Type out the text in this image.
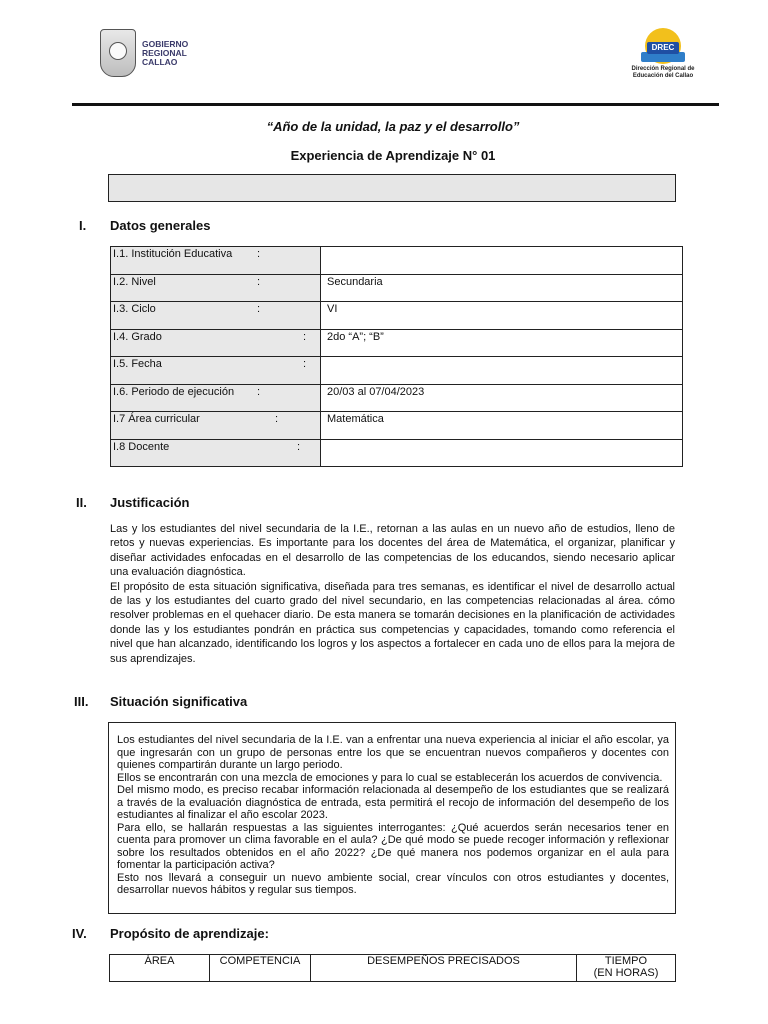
GOBIERNO
REGIONAL
CALLAO
DREC
Dirección Regional de
Educación del Callao
“Año de la unidad, la paz y el desarrollo”
Experiencia de Aprendizaje N° 01
I. Datos generales
I.1. Institución Educativa :	

I.2. Nivel :	Secundaria

I.3. Ciclo :	VI

I.4. Grado :	2do “A”; “B”

I.5. Fecha :	

I.6. Periodo de ejecución :	20/03 al 07/04/2023

I.7 Área curricular :	Matemática

I.8 Docente :	

II. Justificación

Las y los estudiantes del nivel secundaria de la I.E., retornan a las aulas en un nuevo año de estudios, lleno de retos y nuevas experiencias. Es importante para los docentes del área de Matemática, el organizar, planificar y diseñar actividades enfocadas en el desarrollo de las competencias de los educandos, siendo necesario aplicar una evaluación diagnóstica.

El propósito de esta situación significativa, diseñada para tres semanas, es identificar el nivel de desarrollo actual de las y los estudiantes del cuarto grado del nivel secundario, en las competencias relacionadas al área. cómo resolver problemas en el quehacer diario. De esta manera se tomarán decisiones en la planificación de actividades donde las y los estudiantes pondrán en práctica sus competencias y capacidades, tomando como referencia el nivel que han alcanzado, identificando los logros y los aspectos a fortalecer en cada uno de ellos para la mejora de sus aprendizajes.

III. Situación significativa

Los estudiantes del nivel secundaria de la I.E. van a enfrentar una nueva experiencia al iniciar el año escolar, ya que ingresarán con un grupo de personas entre los que se encuentran nuevos compañeros y docentes con quienes compartirán durante un largo periodo.

Ellos se encontrarán con una mezcla de emociones y para lo cual se establecerán los acuerdos de convivencia.

Del mismo modo, es preciso recabar información relacionada al desempeño de los estudiantes que se realizará a través de la evaluación diagnóstica de entrada, esta permitirá el recojo de información del desempeño de los estudiantes al finalizar el año escolar 2023.

Para ello, se hallarán respuestas a las siguientes interrogantes: ¿Qué acuerdos serán necesarios tener en cuenta para promover un clima favorable en el aula? ¿De qué modo se puede recoger información y reflexionar sobre los resultados obtenidos en el año 2022? ¿De qué manera nos podemos organizar en el aula para fomentar la participación activa?

Esto nos llevará a conseguir un nuevo ambiente social, crear vínculos con otros estudiantes y docentes, desarrollar nuevos hábitos y regular sus tiempos.

IV. Propósito de aprendizaje:
ÁREA	COMPETENCIA	DESEMPEÑOS PRECISADOS	TIEMPO
(EN HORAS)
